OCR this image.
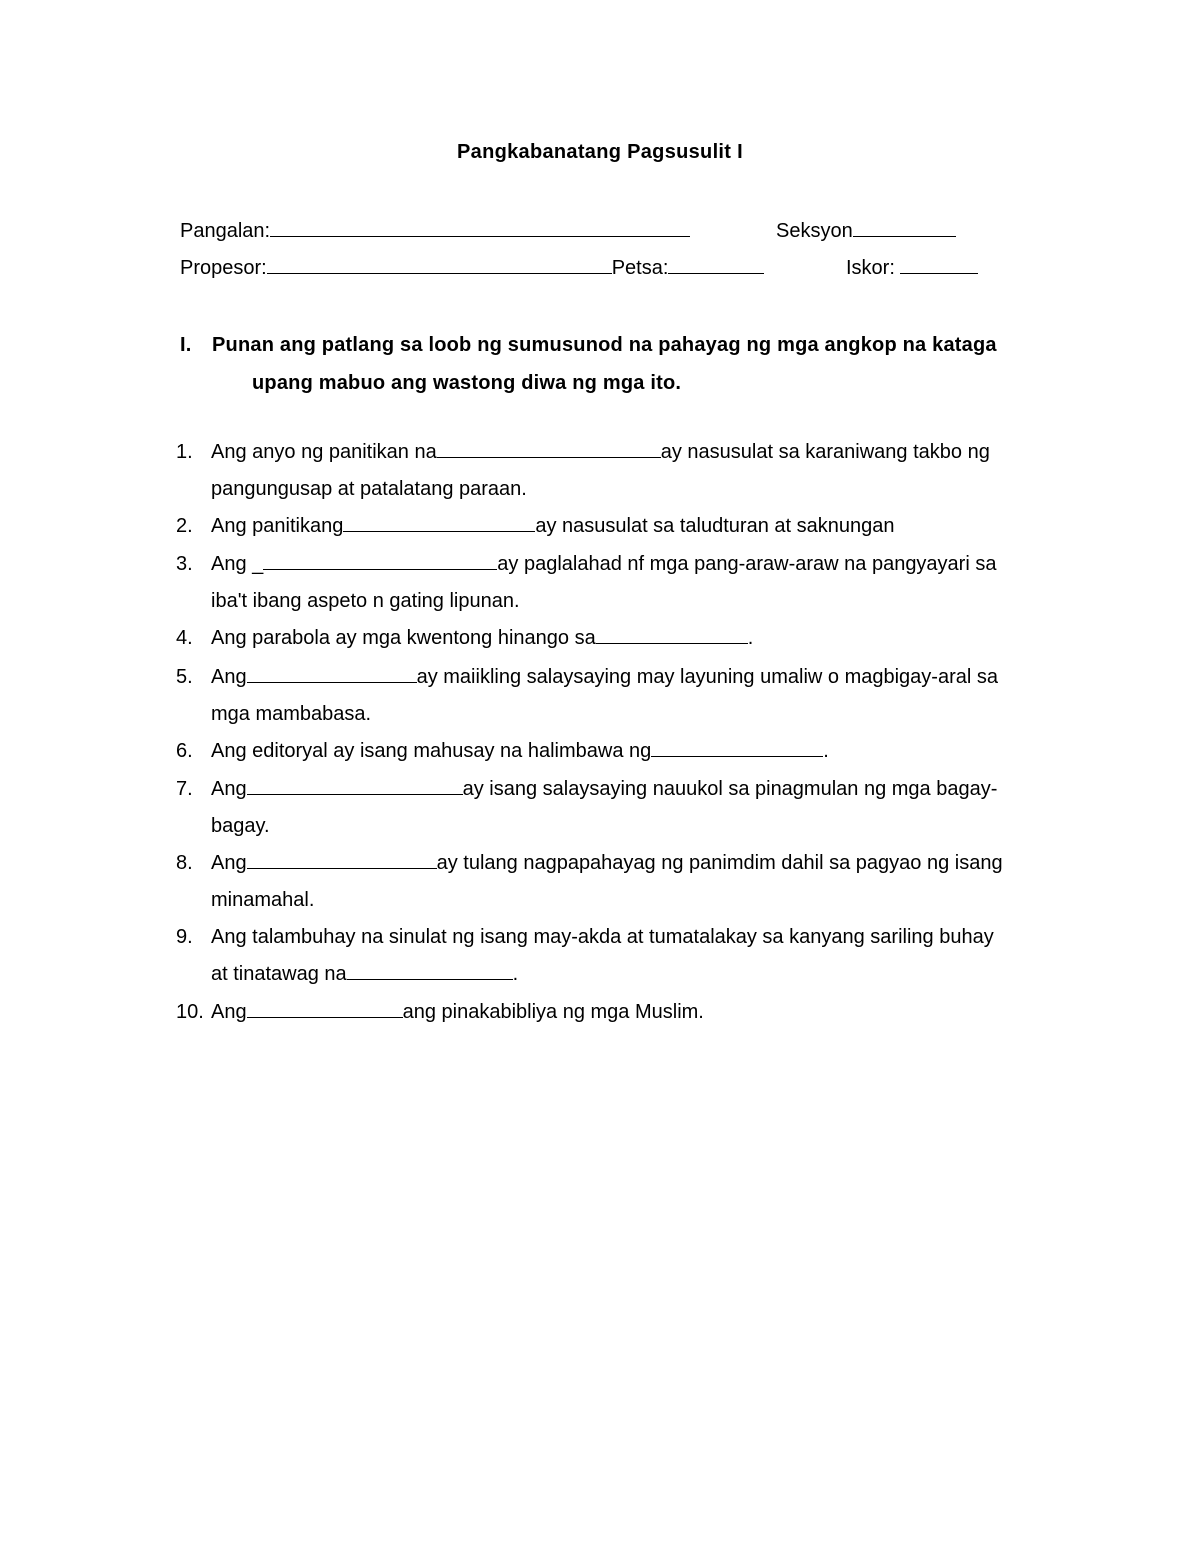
Pangkabanatang Pagsusulit I
Pangalan:	Seksyon
Propesor:	Petsa:	Iskor:
I. Punan ang patlang sa loob ng sumusunod na pahayag ng mga angkop na kataga
upang mabuo ang wastong diwa ng mga ito.
1. Ang anyo ng panitikan na	ay nasusulat sa karaniwang takbo ng
pangungusap at patalatang paraan.
2. Ang panitikang	ay nasusulat sa taludturan at saknungan
3. Ang _	ay paglalahad nf mga pang-araw-araw na pangyayari sa
iba't ibang aspeto n gating lipunan.
4. Ang parabola ay mga kwentong hinango sa	.
5. Ang	ay maiikling salaysaying may layuning umaliw o magbigay-aral sa
mga mambabasa.
6. Ang editoryal ay isang mahusay na halimbawa ng	.
7. Ang	ay isang salaysaying nauukol sa pinagmulan ng mga bagay-
bagay.
8. Ang	ay tulang nagpapahayag ng panimdim dahil sa pagyao ng isang
minamahal.
9. Ang talambuhay na sinulat ng isang may-akda at tumatalakay sa kanyang sariling buhay
at tinatawag na	.
10. Ang	ang pinakabibliya ng mga Muslim.
